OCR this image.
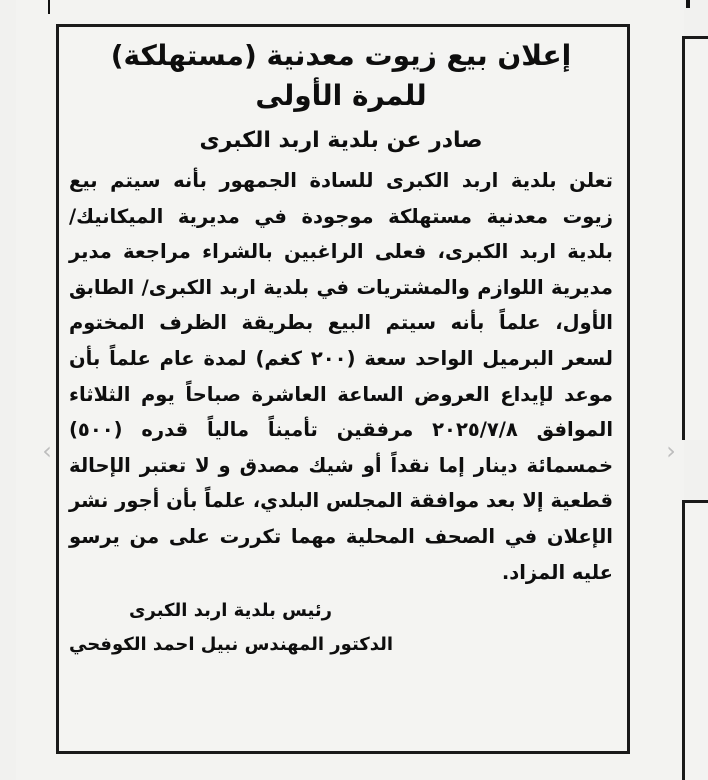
إعلان بيع زيوت معدنية (مستهلكة)
للمرة الأولى
صادر عن بلدية اربد الكبرى
تعلن بلدية اربد الكبرى للسادة الجمهور بأنه سيتم بيع زيوت معدنية مستهلكة موجودة في مديرية الميكانيك/ بلدية اربد الكبرى، فعلى الراغبين بالشراء مراجعة مدير مديرية اللوازم والمشتريات في بلدية اربد الكبرى/ الطابق الأول، علماً بأنه سيتم البيع بطريقة الظرف المختوم لسعر البرميل الواحد سعة (٢٠٠ كغم) لمدة عام علماً بأن موعد لإيداع العروض الساعة العاشرة صباحاً يوم الثلاثاء الموافق ٢٠٢٥/٧/٨ مرفقين تأميناً مالياً قدره (٥٠٠) خمسمائة دينار إما نقداً أو شيك مصدق و لا تعتبر الإحالة قطعية إلا بعد موافقة المجلس البلدي، علماً بأن أجور نشر الإعلان في الصحف المحلية مهما تكررت على من يرسو عليه المزاد.
رئيس بلدية اربد الكبرى
الدكتور المهندس نبيل احمد الكوفحي
‹	›
